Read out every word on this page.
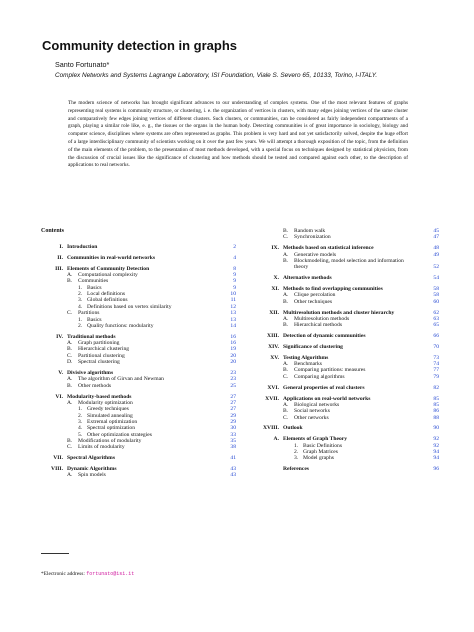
Community detection in graphs
Santo Fortunato*
Complex Networks and Systems Lagrange Laboratory, ISI Foundation, Viale S. Severo 65, 10133, Torino, I-ITALY.
The modern science of networks has brought significant advances to our understanding of complex systems. One of the most relevant features of graphs representing real systems is community structure, or clustering, i. e. the organization of vertices in clusters, with many edges joining vertices of the same cluster and comparatively few edges joining vertices of different clusters. Such clusters, or communities, can be considered as fairly independent compartments of a graph, playing a similar role like, e. g., the tissues or the organs in the human body. Detecting communities is of great importance in sociology, biology and computer science, disciplines where systems are often represented as graphs. This problem is very hard and not yet satisfactorily solved, despite the huge effort of a large interdisciplinary community of scientists working on it over the past few years. We will attempt a thorough exposition of the topic, from the definition of the main elements of the problem, to the presentation of most methods developed, with a special focus on techniques designed by statistical physicists, from the discussion of crucial issues like the significance of clustering and how methods should be tested and compared against each other, to the description of applications to real networks.
Contents
I. Introduction	2
II. Communities in real-world networks	4
III. Elements of Community Detection	8
A. Computational complexity	9
B. Communities	9
1. Basics	9
2. Local definitions	10
3. Global definitions	11
4. Definitions based on vertex similarity	12
C. Partitions	13
1. Basics	13
2. Quality functions: modularity	14
IV. Traditional methods	16
A. Graph partitioning	16
B. Hierarchical clustering	19
C. Partitional clustering	20
D. Spectral clustering	20
V. Divisive algorithms	23
A. The algorithm of Girvan and Newman	23
B. Other methods	25
VI. Modularity-based methods	27
A. Modularity optimization	27
1. Greedy techniques	27
2. Simulated annealing	29
3. Extremal optimization	29
4. Spectral optimization	30
5. Other optimization strategies	33
B. Modifications of modularity	35
C. Limits of modularity	38
VII. Spectral Algorithms	41
VIII. Dynamic Algorithms	43
A. Spin models	43
B. Random walk	45
C. Synchronization	47
IX. Methods based on statistical inference	48
A. Generative models	49
B. Blockmodeling, model selection and information
theory	52
X. Alternative methods	54
XI. Methods to find overlapping communities	58
A. Clique percolation	58
B. Other techniques	60
XII. Multiresolution methods and cluster hierarchy	62
A. Multiresolution methods	63
B. Hierarchical methods	65
XIII. Detection of dynamic communities	66
XIV. Significance of clustering	70
XV. Testing Algorithms	73
A. Benchmarks	74
B. Comparing partitions: measures	77
C. Comparing algorithms	79
XVI. General properties of real clusters	82
XVII. Applications on real-world networks	85
A. Biological networks	85
B. Social networks	86
C. Other networks	88
XVIII. Outlook	90
A. Elements of Graph Theory	92
1. Basic Definitions	92
2. Graph Matrices	94
3. Model graphs	94
References	96
*Electronic address: fortunato@isi.it
